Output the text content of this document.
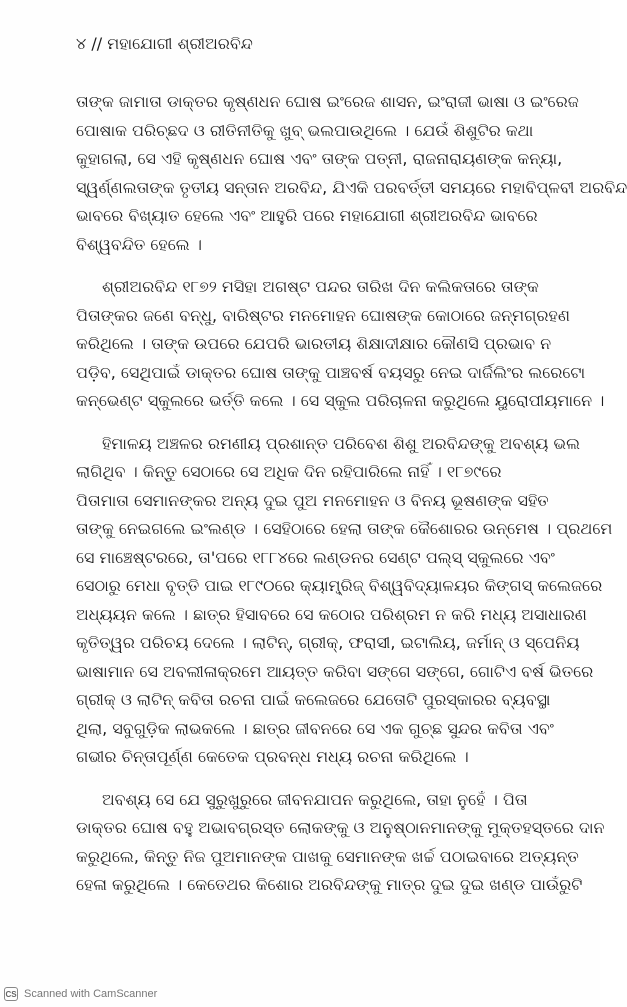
୪ // ମହାଯୋଗୀ ଶ୍ରୀଅରବିନ୍ଦ
ତାଙ୍କ ଜାମାତା ଡାକ୍ତର କୃଷ୍ଣଧନ ଘୋଷ ଇଂରେଜ ଶାସନ, ଇଂରାଜୀ ଭାଷା ଓ ଇଂରେଜ
ପୋଷାକ ପରିଚ୍ଛଦ ଓ ରୀତିନୀତିକୁ ଖୁବ୍ ଭଲପାଉଥିଲେ । ଯେଉଁ ଶିଶୁଟିର କଥା
କୁହାଗଲା, ସେ ଏହି କୃଷ୍ଣଧନ ଘୋଷ ଏବଂ ତାଙ୍କ ପତ୍ନୀ, ରାଜନାରାୟଣଙ୍କ କନ୍ୟା,
ସ୍ୱର୍ଣ୍ଣଲତାଙ୍କ ତୃତୀୟ ସନ୍ତାନ ଅରବିନ୍ଦ, ଯିଏକି ପରବର୍ତ୍ତୀ ସମୟରେ ମହାବିପ୍ଳବୀ ଅରବିନ୍ଦ
ଭାବରେ ବିଖ୍ୟାତ ହେଲେ ଏବଂ ଆହୁରି ପରେ ମହାଯୋଗୀ ଶ୍ରୀଅରବିନ୍ଦ ଭାବରେ
ବିଶ୍ୱବନ୍ଦିତ ହେଲେ ।
ଶ୍ରୀଅରବିନ୍ଦ ୧୮୭୨ ମସିହା ଅଗଷ୍ଟ ପନ୍ଦର ତାରିଖ ଦିନ କଲିକତାରେ ତାଙ୍କ
ପିତାଙ୍କର ଜଣେ ବନ୍ଧୁ, ବାରିଷ୍ଟର ମନମୋହନ ଘୋଷଙ୍କ କୋଠାରେ ଜନ୍ମଗ୍ରହଣ
କରିଥିଲେ । ତାଙ୍କ ଉପରେ ଯେପରି ଭାରତୀୟ ଶିକ୍ଷାଦୀକ୍ଷାର କୌଣସି ପ୍ରଭାବ ନ
ପଡ଼ିବ, ସେଥିପାଇଁ ଡାକ୍ତର ଘୋଷ ତାଙ୍କୁ ପାଞ୍ଚବର୍ଷ ବୟସରୁ ନେଇ ଦାର୍ଜିଲିଂର ଲରେଟୋ
କନ୍‌ଭେଣ୍ଟ ସ୍କୁଲରେ ଭର୍ତ୍ତି କଲେ । ସେ ସ୍କୁଲ ପରିଚାଳନା କରୁଥିଲେ ୟୁରୋପୀୟମାନେ ।
ହିମାଳୟ ଅଞ୍ଚଳର ରମଣୀୟ ପ୍ରଶାନ୍ତ ପରିବେଶ ଶିଶୁ ଅରବିନ୍ଦଙ୍କୁ ଅବଶ୍ୟ ଭଲ
ଲାଗିଥିବ । କିନ୍ତୁ ସେଠାରେ ସେ ଅଧିକ ଦିନ ରହିପାରିଲେ ନାହିଁ । ୧୮୭୯ରେ
ପିତାମାତା ସେମାନଙ୍କର ଅନ୍ୟ ଦୁଇ ପୁଅ ମନମୋହନ ଓ ବିନୟ ଭୂଷଣଙ୍କ ସହିତ
ତାଙ୍କୁ ନେଇଗଲେ ଇଂଲଣ୍ଡ । ସେହିଠାରେ ହେଲା ତାଙ୍କ କୈଶୋରର ଉନ୍ମେଷ । ପ୍ରଥମେ
ସେ ମାଞ୍ଚେଷ୍ଟରରେ, ତା'ପରେ ୧୮୮୪ରେ ଲଣ୍ଡନର ସେଣ୍ଟ ପଲ୍‌ସ୍ ସ୍କୁଲରେ ଏବଂ
ସେଠାରୁ ମେଧା ବୃତ୍ତି ପାଇ ୧୮୯୦ରେ କ୍ୟାମ୍ବ୍ରିଜ୍ ବିଶ୍ୱବିଦ୍ୟାଳୟର କିଙ୍ଗସ୍ କଲେଜରେ
ଅଧ୍ୟୟନ କଲେ । ଛାତ୍ର ହିସାବରେ ସେ କଠୋର ପରିଶ୍ରମ ନ କରି ମଧ୍ୟ ଅସାଧାରଣ
କୃତିତ୍ୱର ପରିଚୟ ଦେଲେ । ଲାଟିନ୍, ଗ୍ରୀକ୍, ଫରାସୀ, ଇଟାଲିୟ, ଜର୍ମାନ୍ ଓ ସ୍ପେନିୟ
ଭାଷାମାନ ସେ ଅବଲୀଳାକ୍ରମେ ଆୟତ୍ତ କରିବା ସଙ୍ଗେ ସଙ୍ଗେ, ଗୋଟିଏ ବର୍ଷ ଭିତରେ
ଗ୍ରୀକ୍ ଓ ଲାଟିନ୍ କବିତା ରଚନା ପାଇଁ କଲେଜରେ ଯେତୋଟି ପୁରସ୍କାରର ବ୍ୟବସ୍ଥା
ଥିଲା, ସବୁଗୁଡ଼ିକ ଲାଭକଲେ । ଛାତ୍ର ଜୀବନରେ ସେ ଏକ ଗୁଚ୍ଛ ସୁନ୍ଦର କବିତା ଏବଂ
ଗଭୀର ଚିନ୍ତାପୂର୍ଣ୍ଣ କେତେକ ପ୍ରବନ୍ଧ ମଧ୍ୟ ରଚନା କରିଥିଲେ ।
ଅବଶ୍ୟ ସେ ଯେ ସୁରୁଖୁରୁରେ ଜୀବନଯାପନ କରୁଥିଲେ, ତାହା ନୁହେଁ । ପିତା
ଡାକ୍ତର ଘୋଷ ବହୁ ଅଭାବଗ୍ରସ୍ତ ଲୋକଙ୍କୁ ଓ ଅନୁଷ୍ଠାନମାନଙ୍କୁ ମୁକ୍ତହସ୍ତରେ ଦାନ
କରୁଥିଲେ, କିନ୍ତୁ ନିଜ ପୁଅମାନଙ୍କ ପାଖକୁ ସେମାନଙ୍କ ଖର୍ଚ୍ଚ ପଠାଇବାରେ ଅତ୍ୟନ୍ତ
ହେଳା କରୁଥିଲେ । କେତେଥର କିଶୋର ଅରବିନ୍ଦଙ୍କୁ ମାତ୍ର ଦୁଇ ଦୁଇ ଖଣ୍ଡ ପାଉଁରୁଟି
CS Scanned with CamScanner
